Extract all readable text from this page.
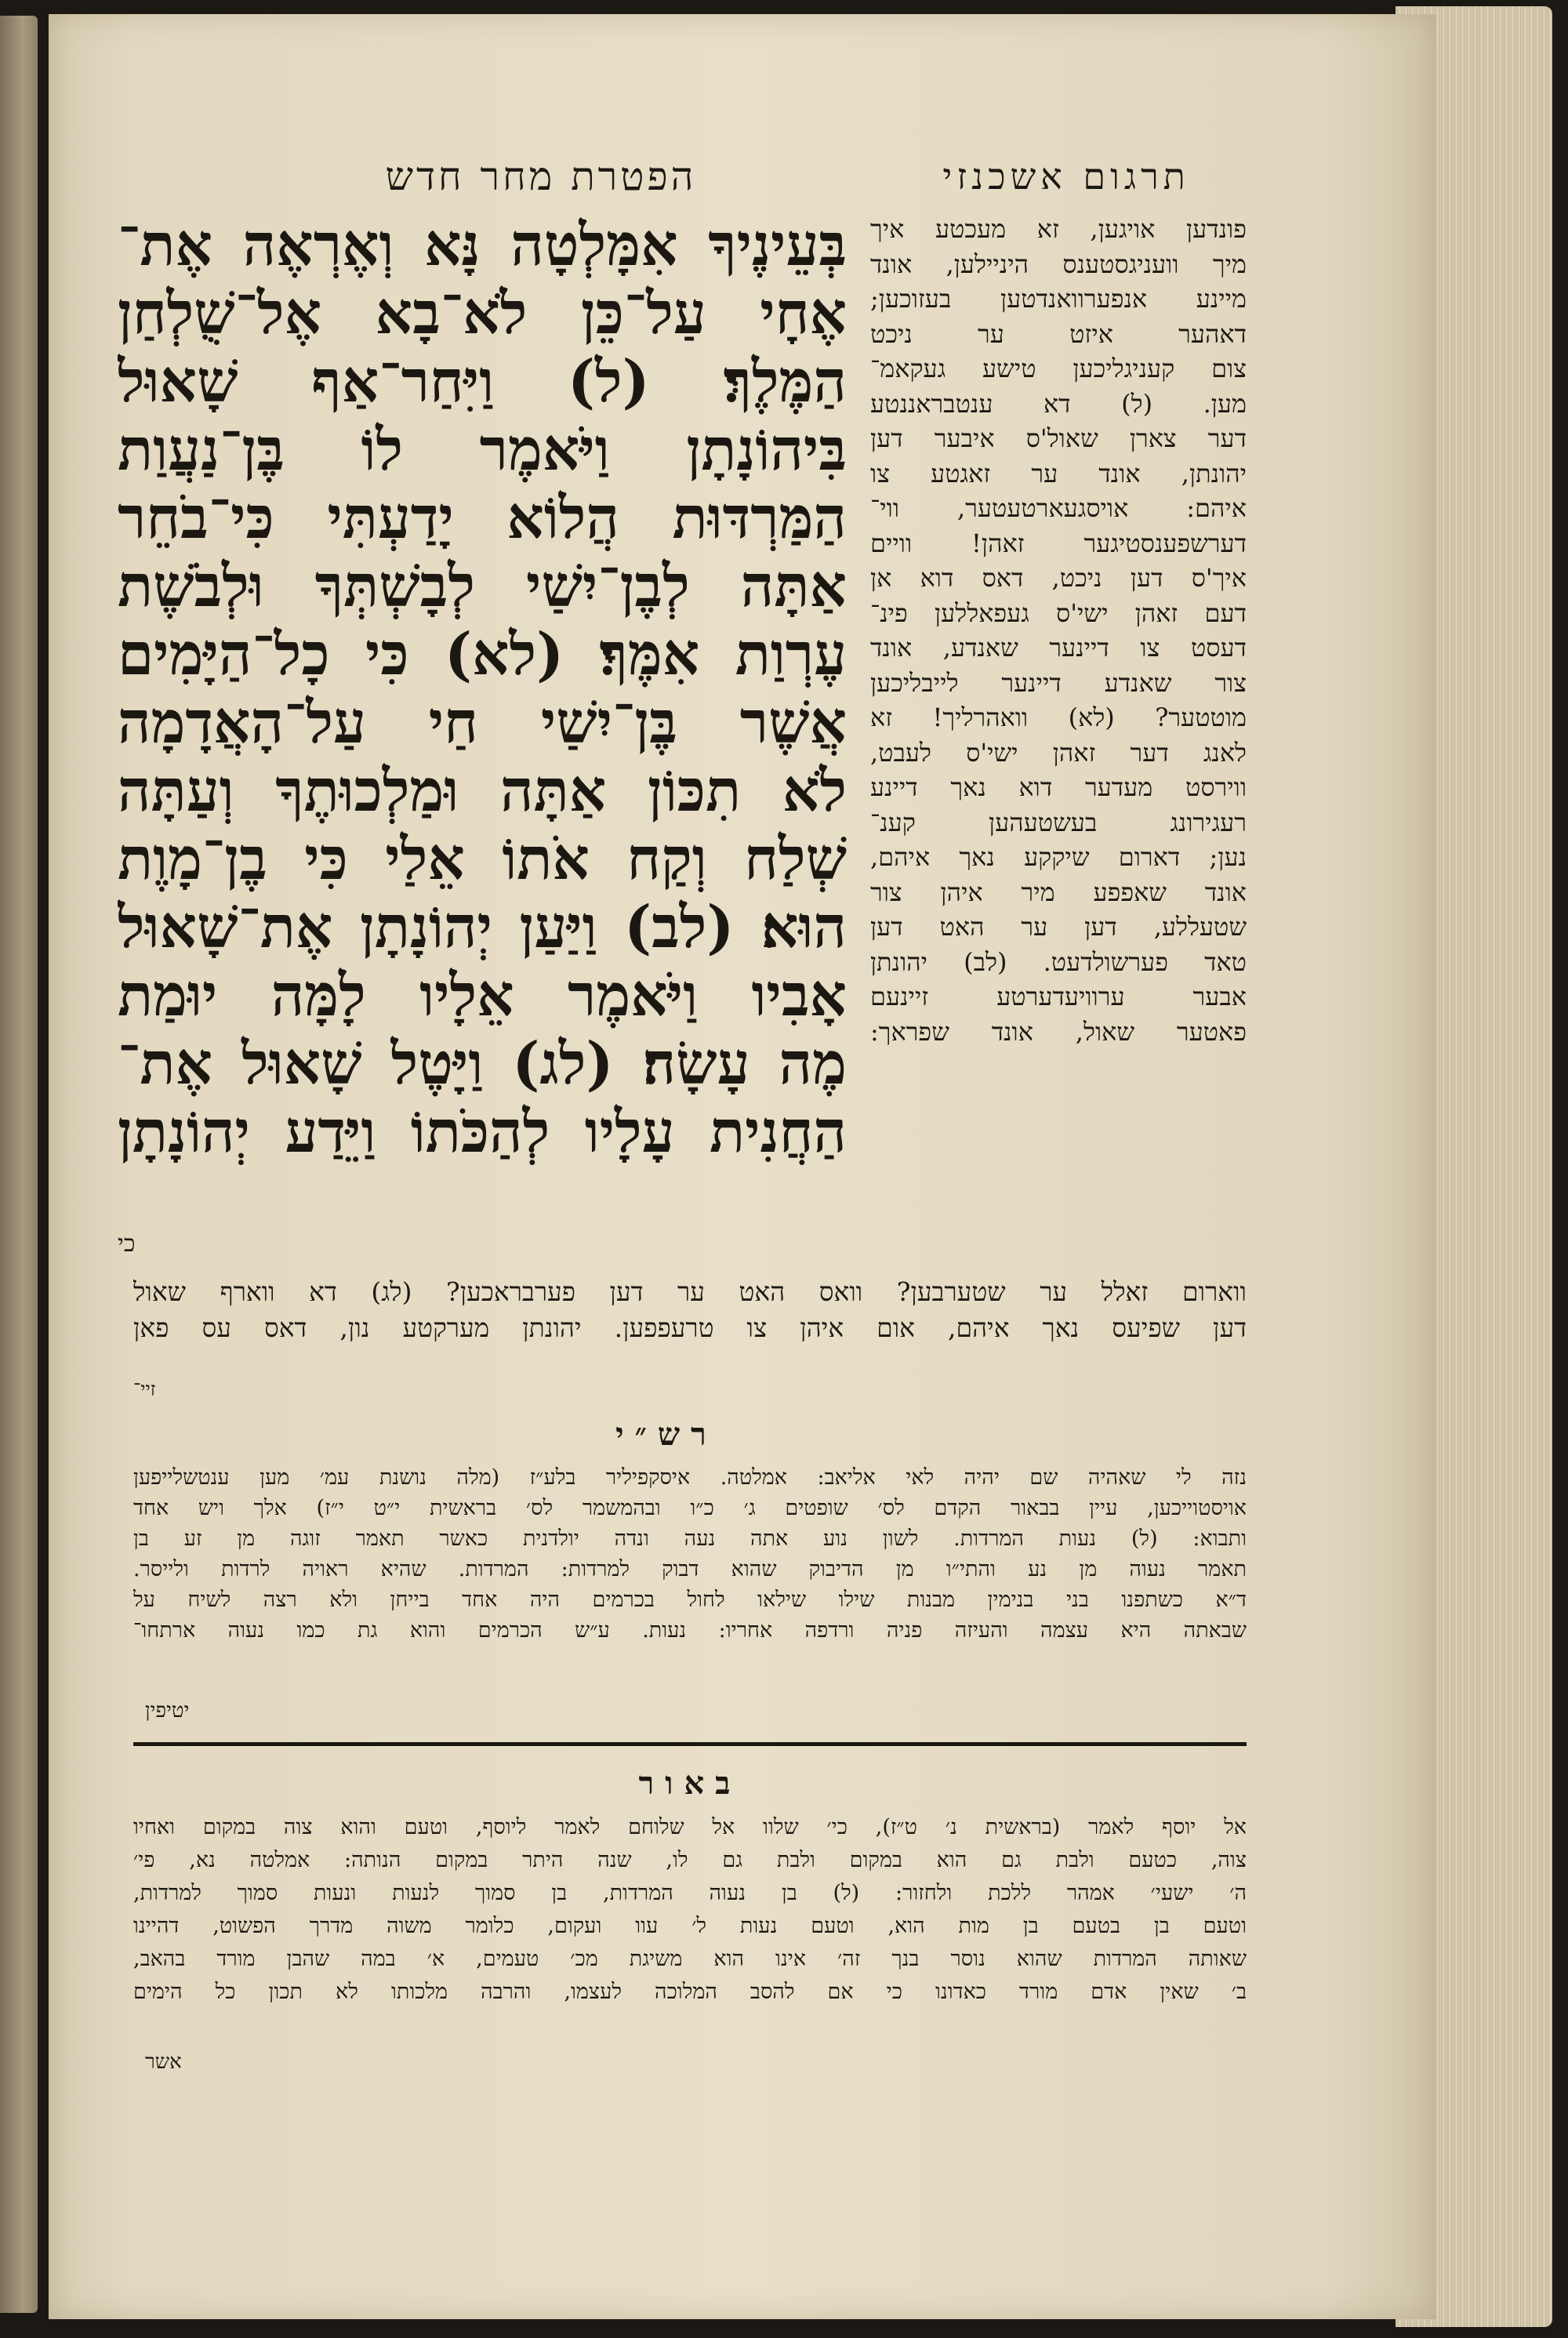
תרגום אשכנזי
הפטרת מחר חדש
בְּעֵינֶיךָ אִמָּלְטָה נָּא וְאֶרְאֶה אֶת־
אֶחָי עַל־כֵּן לֹא־בָא אֶל־שֻׁלְחַן
הַמֶּלֶךְ׃ (ל) וַיִּחַר־אַף שָׁאוּל
בִּיהוֹנָתָן וַיֹּאמֶר לוֹ בֶּן־נַעֲוַת
הַמַּרְדּוּת הֲלוֹא יָדַעְתִּי כִּי־בֹחֵר
אַתָּה לְבֶן־יִשַׁי לְבָשְׁתְּךָ וּלְבֹשֶׁת
עֶרְוַת אִמֶּךָ׃ (לא) כִּי כָל־הַיָּמִים
אֲשֶׁר בֶּן־יִשַׁי חַי עַל־הָאֲדָמָה
לֹא תִכּוֹן אַתָּה וּמַלְכוּתֶךָ וְעַתָּה
שְׁלַח וְקַח אֹתוֹ אֵלַי כִּי בֶן־מָוֶת
הוּא׃ (לב) וַיַּעַן יְהוֹנָתָן אֶת־שָׁאוּל
אָבִיו וַיֹּאמֶר אֵלָיו לָמָּה יוּמַת
מֶה עָשָׂה׃ (לג) וַיָּטֶל שָׁאוּל אֶת־
הַחֲנִית עָלָיו לְהַכֹּתוֹ וַיֵּדַע יְהוֹנָתָן
כי
פונדען אויגען, זא מעכטע איך
מיך וועניגסטענס היניילען, אונד
מיינע אנפערוואנדטען בעזוכען;
דאהער איזט ער ניכט
צום קעניגליכען טישע געקאמ־
מען. (ל) דא ענטבראננטע
דער צארן שאול'ס איבער דען
יהונתן, אונד ער זאגטע צו
איהם: אויסגעארטעטער, ווי־
דערשפענסטיגער זאהן! וויים
איך'ס דען ניכט, דאס דוא אן
דעם זאהן ישי'ס געפאללען פינ־
דעסט צו דיינער שאנדע, אונד
צור שאנדע דיינער לייבליכען
מוטטער? (לא) וואהרליך! זא
לאנג דער זאהן ישי'ס לעבט,
ווירסט מעדער דוא נאך דיינע
רעגירונג בעשטעהען קענ־
נען; דארום שיקקע נאך איהם,
אונד שאפפע מיר איהן צור
שטעללע, דען ער האט דען
טאד פערשולדעט. (לב) יהונתן
אבער ערוויעדערטע זיינעם
פאטער שאול, אונד שפראך:
ווארום זאלל ער שטערבען? וואס האט ער דען פערבראכען? (לג) דא ווארף שאול
דען שפיעס נאך איהם, אום איהן צו טרעפפען. יהונתן מערקטע נון, דאס עס פאן
זיי־
רש״י
נזה לי שאהיה שם יהיה לאי אליאב: אמלטה. איסקפיליר בלע״ז (מלה נושנת עמ׳ מען ענטשלייפען
אויסטוייכען, עיין בבאור הקדם לס׳ שופטים ג׳ כ״ו ובהמשמר לס׳ בראשית י״ט י״ז) אלך ויש אחד
ותבוא: (ל) נעות המרדות. לשון נוע אתה נעה ונדה יולדנית כאשר תאמר זוגה מן זע בן
תאמר נעוה מן נע והתי״ו מן הדיבוק שהוא דבוק למרדות: המרדות. שהיא ראויה לרדות ולייסר.
ד״א כשתפנו בני בנימין מבנות שילו שילאו לחול בכרמים היה אחד בייחן ולא רצה לשיח על
שבאתה היא עצמה והעיזה פניה ורדפה אחריו: נעות. ע״ש הכרמים והוא גת כמו נעוה ארתחו־
יטיפין
באור
אל יוסף לאמר (בראשית נ׳ ט״ז), כי׳ שלוו אל שלוחם לאמר ליוסף, וטעם והוא צוה במקום ואחיו
צוה, כטעם ולבת גם הוא במקום ולבת גם לו, שנה היתר במקום הנותה: אמלטה נא, פי׳
ה׳ ישעי׳ אמהר ללכת ולחזור: (ל) בן נעוה המרדות, בן סמוך לנעות ונעות סמוך למרדות,
וטעם בן בטעם בן מות הוא, וטעם נעות ל׳ עוו ועקום, כלומר משוה מדרך הפשוט, דהיינו
שאותה המרדות שהוא נוסר בנך זה׳ אינו הוא משיגת מכ׳ טעמים, א׳ במה שהבן מורד בהאב,
ב׳ שאין אדם מורד כאדונו כי אם להסב המלוכה לעצמו, והרבה מלכותו לא תכון כל הימים
אשר
